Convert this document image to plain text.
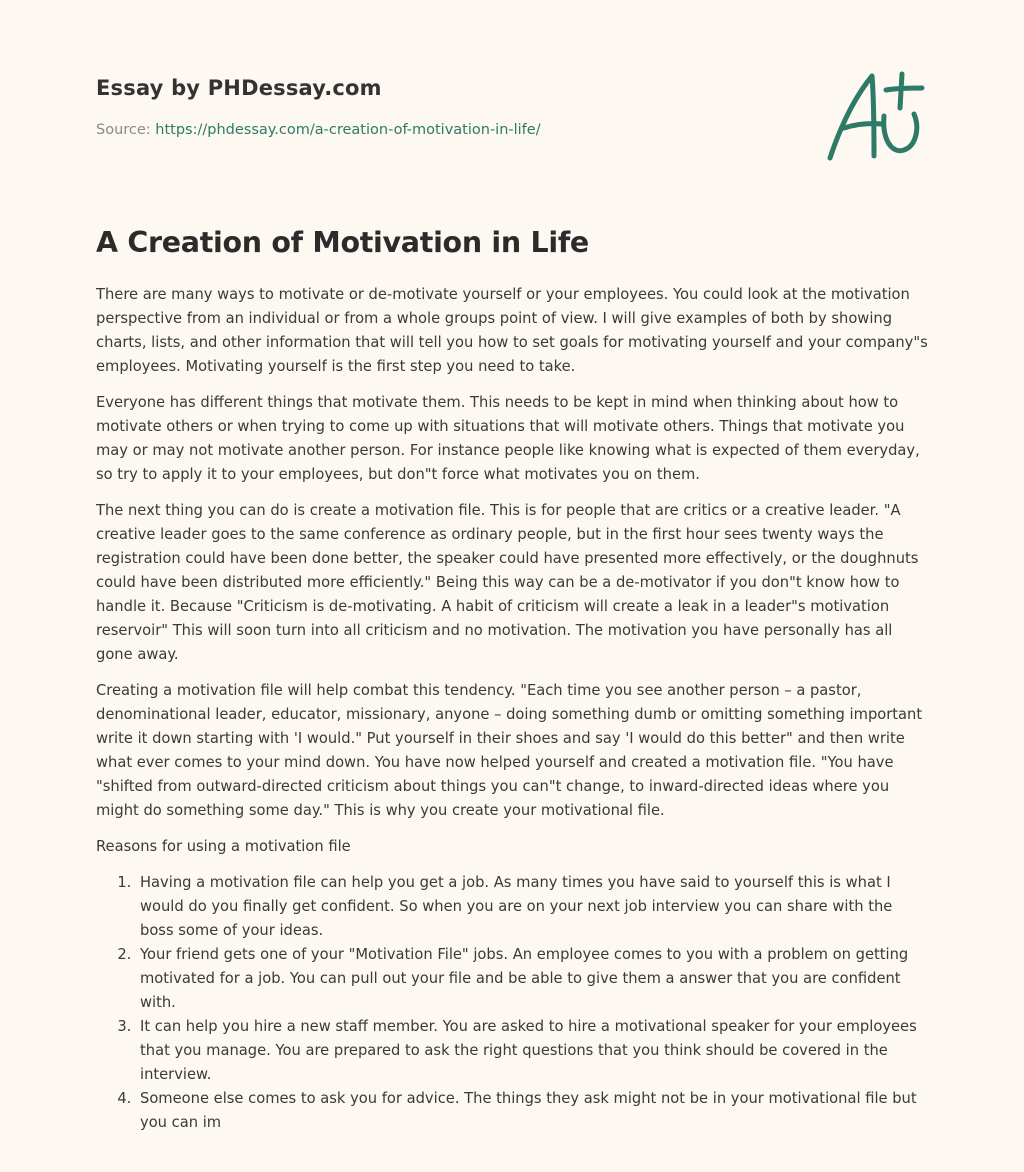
Essay by PHDessay.com
Source: https://phdessay.com/a-creation-of-motivation-in-life/
A Creation of Motivation in Life

There are many ways to motivate or de-motivate yourself or your employees. You could look at the motivation perspective from an individual or from a whole groups point of view. I will give examples of both by showing charts, lists, and other information that will tell you how to set goals for motivating yourself and your company"s employees. Motivating yourself is the first step you need to take.

Everyone has different things that motivate them. This needs to be kept in mind when thinking about how to motivate others or when trying to come up with situations that will motivate others. Things that motivate you may or may not motivate another person. For instance people like knowing what is expected of them everyday, so try to apply it to your employees, but don"t force what motivates you on them.

The next thing you can do is create a motivation file. This is for people that are critics or a creative leader. "A creative leader goes to the same conference as ordinary people, but in the first hour sees twenty ways the registration could have been done better, the speaker could have presented more effectively, or the doughnuts could have been distributed more efficiently." Being this way can be a de-motivator if you don"t know how to handle it. Because "Criticism is de-motivating. A habit of criticism will create a leak in a leader"s motivation reservoir" This will soon turn into all criticism and no motivation. The motivation you have personally has all gone away.

Creating a motivation file will help combat this tendency. "Each time you see another person – a pastor, denominational leader, educator, missionary, anyone – doing something dumb or omitting something important write it down starting with 'I would." Put yourself in their shoes and say 'I would do this better" and then write what ever comes to your mind down. You have now helped yourself and created a motivation file. "You have "shifted from outward-directed criticism about things you can"t change, to inward-directed ideas where you might do something some day." This is why you create your motivational file.

Reasons for using a motivation file

1. Having a motivation file can help you get a job. As many times you have said to yourself this is what I would do you finally get confident. So when you are on your next job interview you can share with the boss some of your ideas.
2. Your friend gets one of your "Motivation File" jobs. An employee comes to you with a problem on getting motivated for a job. You can pull out your file and be able to give them a answer that you are confident with.
3. It can help you hire a new staff member. You are asked to hire a motivational speaker for your employees that you manage. You are prepared to ask the right questions that you think should be covered in the interview.
4. Someone else comes to ask you for advice. The things they ask might not be in your motivational file but you can im
